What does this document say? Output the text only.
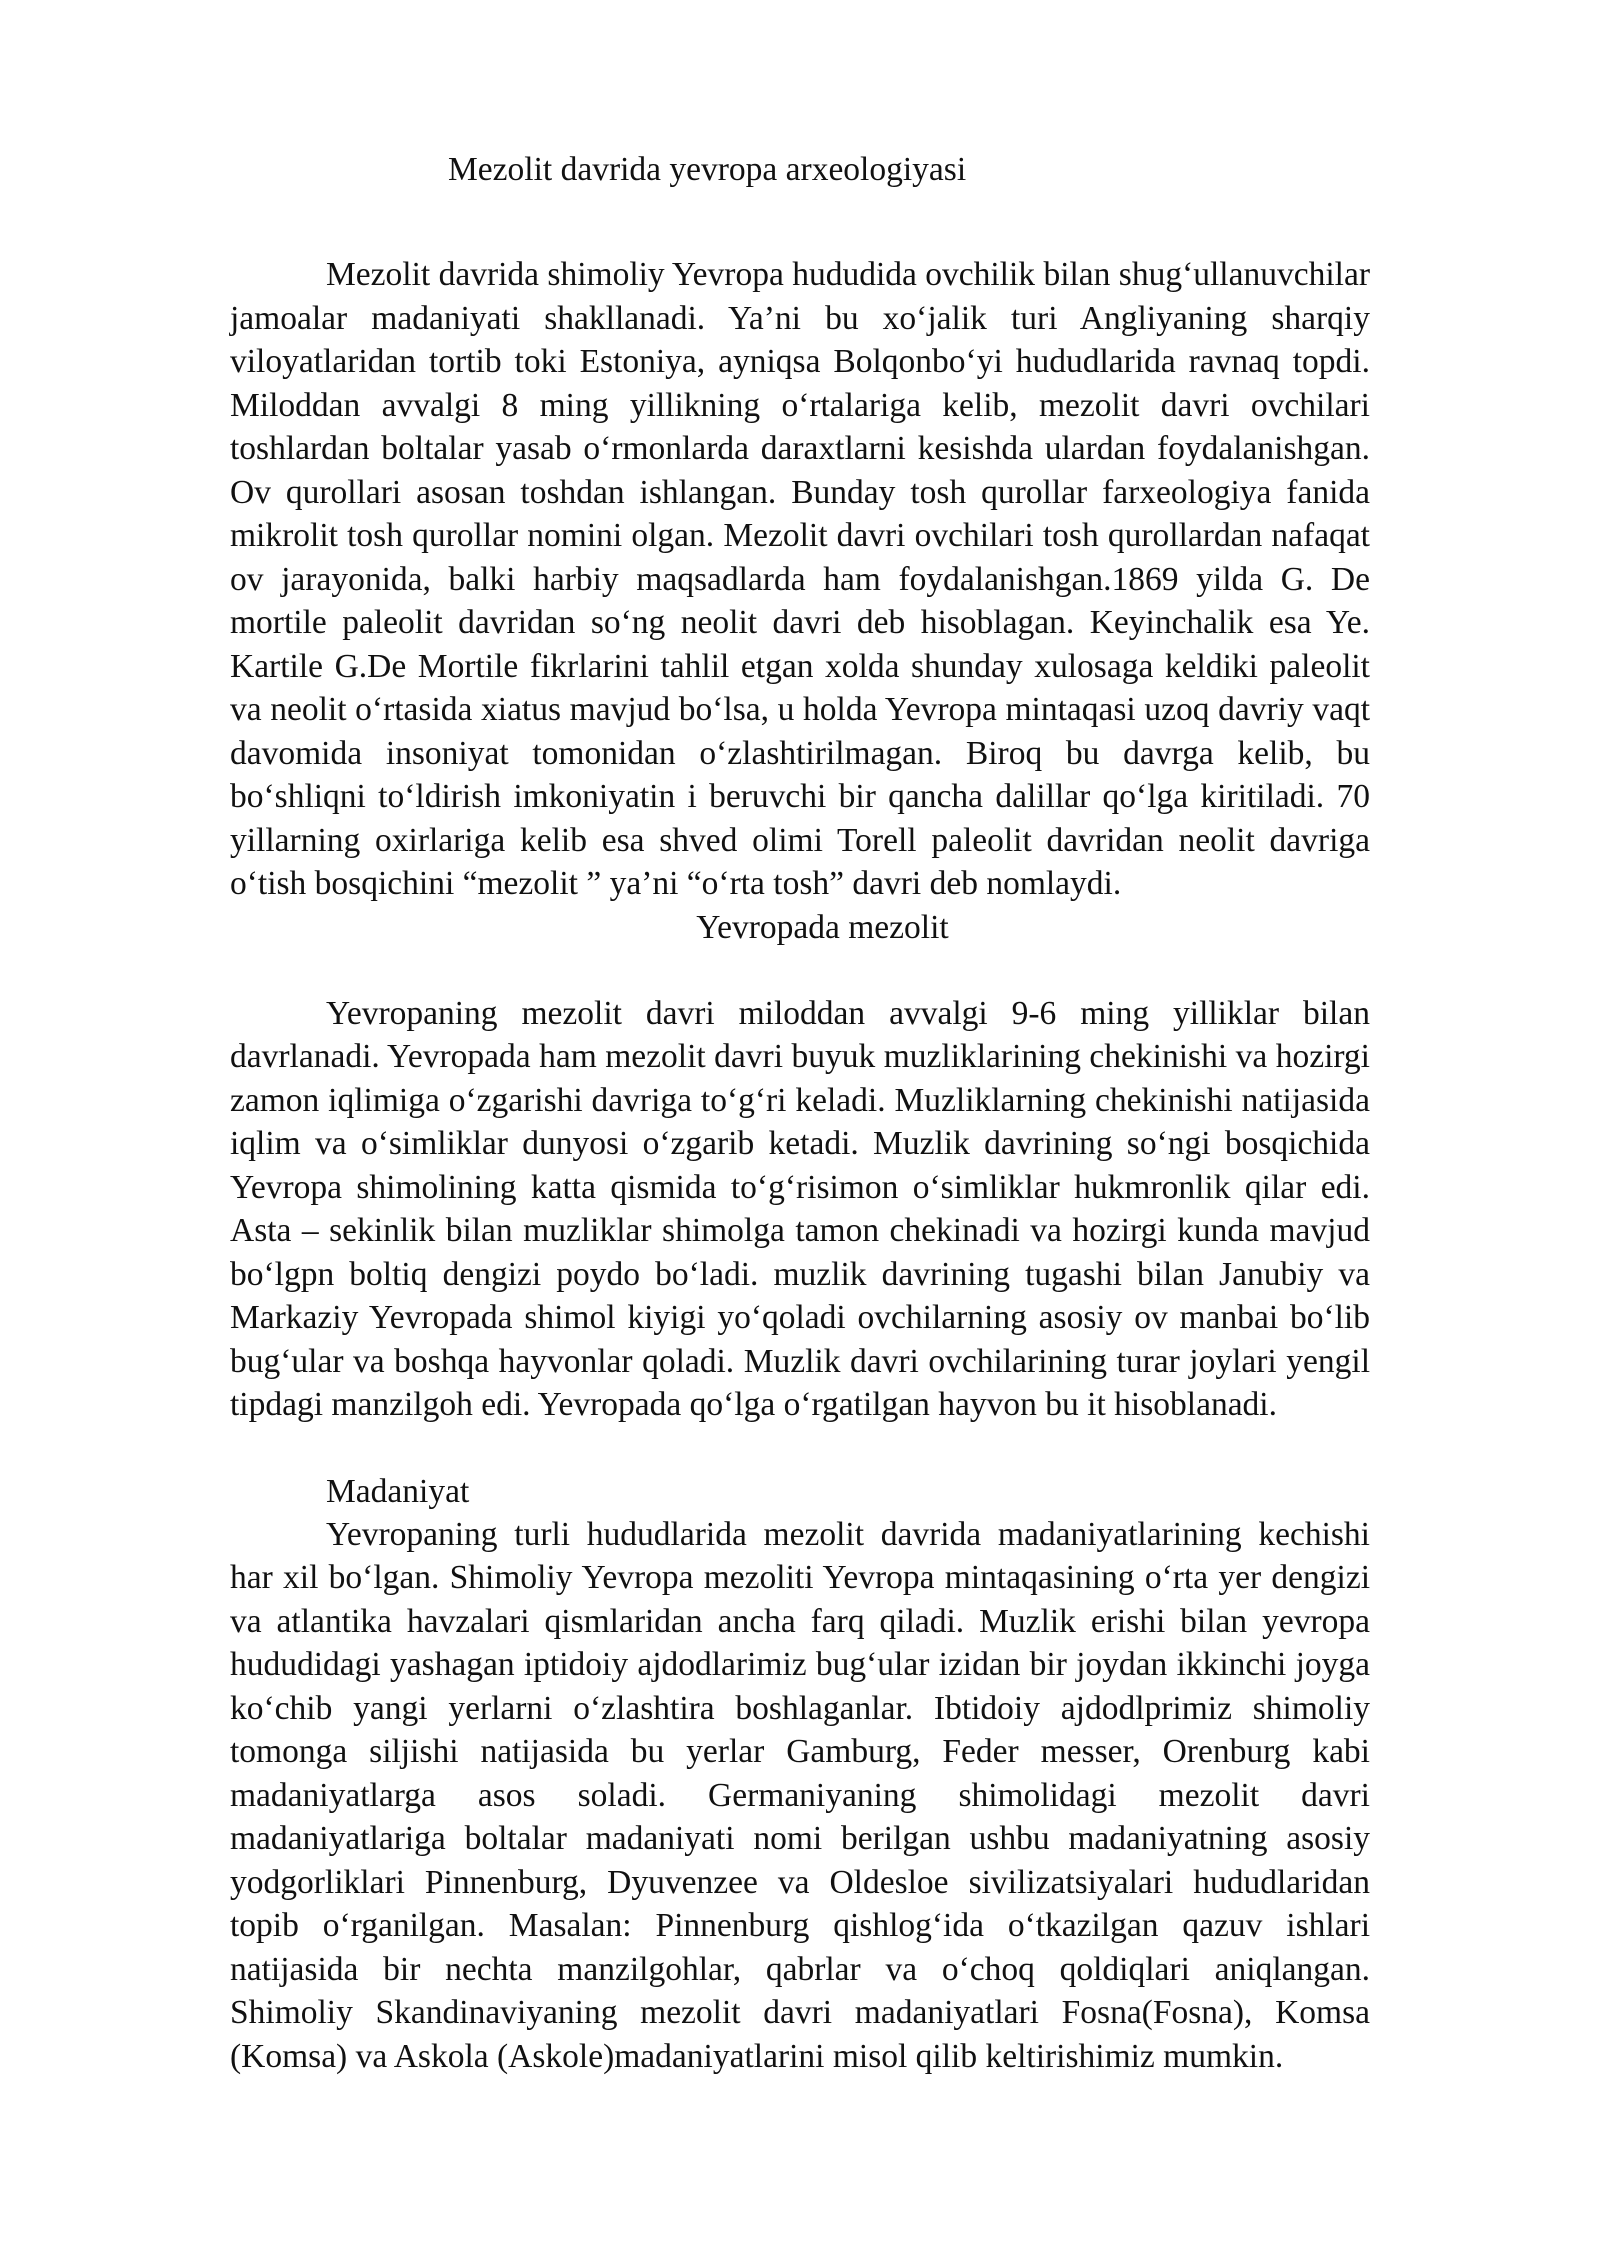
Mezolit davrida yevropa arxeologiyasi

Mezolit davrida shimoliy Yevropa hududida ovchilik bilan shug‘ullanuvchilar jamoalar madaniyati shakllanadi. Ya’ni bu xo‘jalik turi Angliyaning sharqiy viloyatlaridan tortib toki Estoniya, ayniqsa Bolqonbo‘yi hududlarida ravnaq topdi. Miloddan avvalgi 8 ming yillikning o‘rtalariga kelib, mezolit davri ovchilari toshlardan boltalar yasab o‘rmonlarda daraxtlarni kesishda ulardan foydalanishgan. Ov qurollari asosan toshdan ishlangan. Bunday tosh qurollar farxeologiya fanida mikrolit tosh qurollar nomini olgan. Mezolit davri ovchilari tosh qurollardan nafaqat ov jarayonida, balki harbiy maqsadlarda ham foydalanishgan.1869 yilda G. De mortile paleolit davridan so‘ng neolit davri deb hisoblagan. Keyinchalik esa Ye. Kartile G.De Mortile fikrlarini tahlil etgan xolda shunday xulosaga keldiki paleolit va neolit o‘rtasida xiatus mavjud bo‘lsa, u holda Yevropa mintaqasi uzoq davriy vaqt davomida insoniyat tomonidan o‘zlashtirilmagan. Biroq bu davrga kelib, bu bo‘shliqni to‘ldirish imkoniyatin i beruvchi bir qancha dalillar qo‘lga kiritiladi. 70 yillarning oxirlariga kelib esa shved olimi Torell paleolit davridan neolit davriga o‘tish bosqichini “mezolit ” ya’ni “o‘rta tosh” davri deb nomlaydi.

Yevropada mezolit

Yevropaning mezolit davri miloddan avvalgi 9-6 ming yilliklar bilan davrlanadi. Yevropada ham mezolit davri buyuk muzliklarining chekinishi va hozirgi zamon iqlimiga o‘zgarishi davriga to‘g‘ri keladi. Muzliklarning chekinishi natijasida iqlim va o‘simliklar dunyosi o‘zgarib ketadi. Muzlik davrining so‘ngi bosqichida Yevropa shimolining katta qismida to‘g‘risimon o‘simliklar hukmronlik qilar edi. Asta – sekinlik bilan muzliklar shimolga tamon chekinadi va hozirgi kunda mavjud bo‘lgpn boltiq dengizi poydo bo‘ladi. muzlik davrining tugashi bilan Janubiy va Markaziy Yevropada shimol kiyigi yo‘qoladi ovchilarning asosiy ov manbai bo‘lib bug‘ular va boshqa hayvonlar qoladi. Muzlik davri ovchilarining turar joylari yengil tipdagi manzilgoh edi. Yevropada qo‘lga o‘rgatilgan hayvon bu it hisoblanadi.

Madaniyat

Yevropaning turli hududlarida mezolit davrida madaniyatlarining kechishi har xil bo‘lgan. Shimoliy Yevropa mezoliti Yevropa mintaqasining o‘rta yer dengizi va atlantika havzalari qismlaridan ancha farq qiladi. Muzlik erishi bilan yevropa hududidagi yashagan iptidoiy ajdodlarimiz bug‘ular izidan bir joydan ikkinchi joyga ko‘chib yangi yerlarni o‘zlashtira boshlaganlar. Ibtidoiy ajdodlprimiz shimoliy tomonga siljishi natijasida bu yerlar Gamburg, Feder messer, Orenburg kabi madaniyatlarga asos soladi. Germaniyaning shimolidagi mezolit davri madaniyatlariga boltalar madaniyati nomi berilgan ushbu madaniyatning asosiy yodgorliklari Pinnenburg, Dyuvenzee va Oldesloe sivilizatsiyalari hududlaridan topib o‘rganilgan. Masalan: Pinnenburg qishlog‘ida o‘tkazilgan qazuv ishlari natijasida bir nechta manzilgohlar, qabrlar va o‘choq qoldiqlari aniqlangan. Shimoliy Skandinaviyaning mezolit davri madaniyatlari Fosna(Fosna), Komsa (Komsa) va Askola (Askole)madaniyatlarini misol qilib keltirishimiz mumkin.
